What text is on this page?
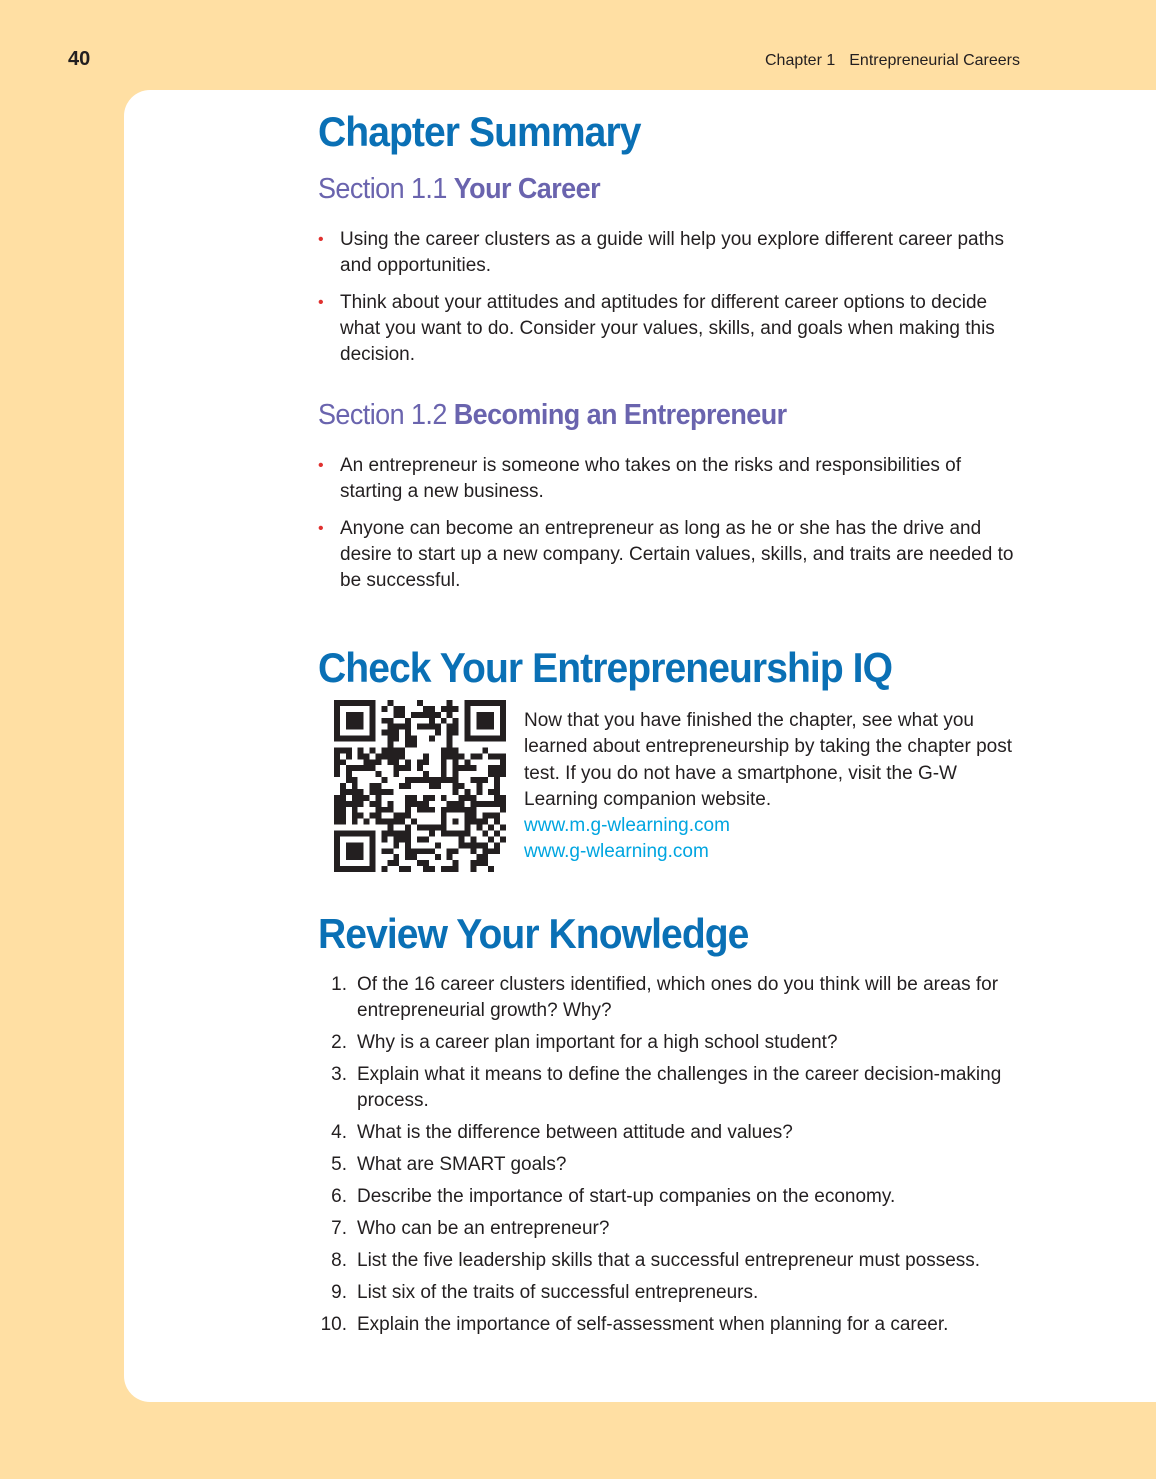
40	Chapter 1 Entrepreneurial Careers
Chapter Summary
Section 1.1 Your Career
• Using the career clusters as a guide will help you explore different career paths and opportunities.
• Think about your attitudes and aptitudes for different career options to decide what you want to do. Consider your values, skills, and goals when making this decision.
Section 1.2 Becoming an Entrepreneur
• An entrepreneur is someone who takes on the risks and responsibilities of starting a new business.
• Anyone can become an entrepreneur as long as he or she has the drive and desire to start up a new company. Certain values, skills, and traits are needed to be successful.
Check Your Entrepreneurship IQ
Now that you have finished the chapter, see what you learned about entrepreneurship by taking the chapter post test. If you do not have a smartphone, visit the G-W Learning companion website.
www.m.g-wlearning.com
www.g-wlearning.com
Review Your Knowledge
1. Of the 16 career clusters identified, which ones do you think will be areas for entrepreneurial growth? Why?
2. Why is a career plan important for a high school student?
3. Explain what it means to define the challenges in the career decision-making process.
4. What is the difference between attitude and values?
5. What are SMART goals?
6. Describe the importance of start-up companies on the economy.
7. Who can be an entrepreneur?
8. List the five leadership skills that a successful entrepreneur must possess.
9. List six of the traits of successful entrepreneurs.
10. Explain the importance of self-assessment when planning for a career.
